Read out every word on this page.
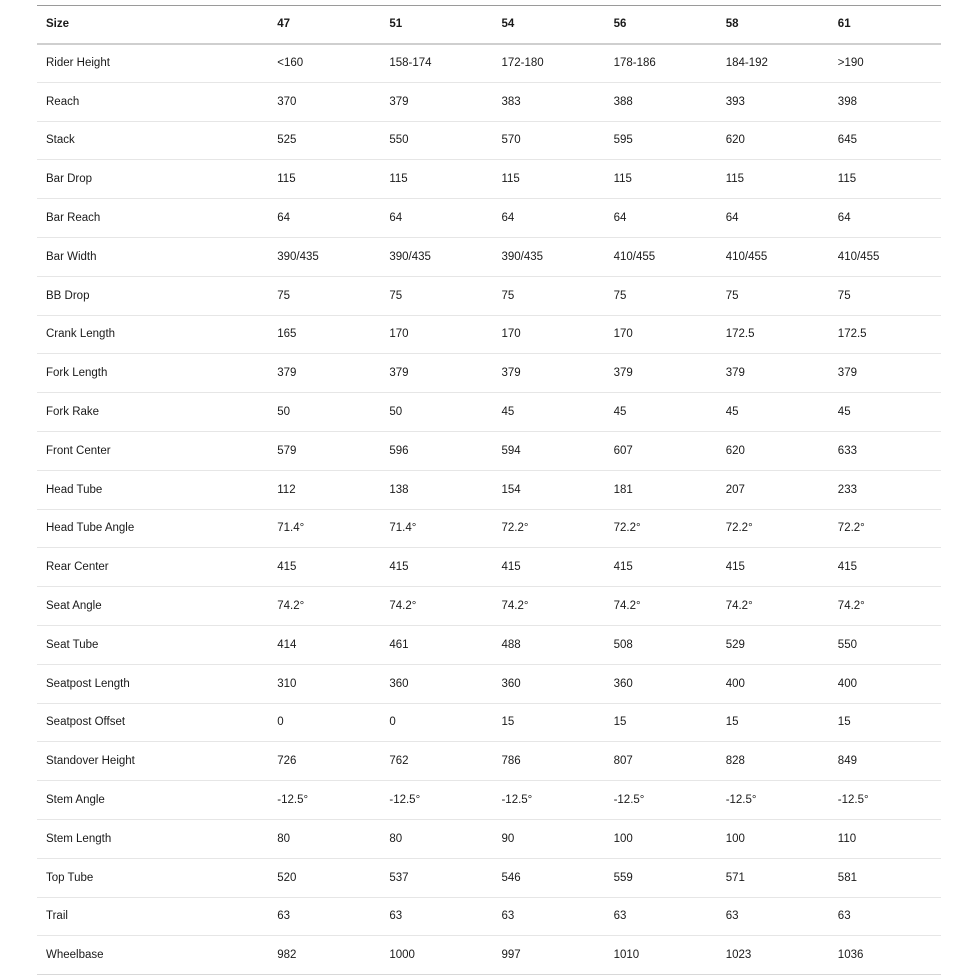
Size	47	51	54	56	58	61
Rider Height	<160	158-174	172-180	178-186	184-192	>190
Reach	370	379	383	388	393	398
Stack	525	550	570	595	620	645
Bar Drop	115	115	115	115	115	115
Bar Reach	64	64	64	64	64	64
Bar Width	390/435	390/435	390/435	410/455	410/455	410/455
BB Drop	75	75	75	75	75	75
Crank Length	165	170	170	170	172.5	172.5
Fork Length	379	379	379	379	379	379
Fork Rake	50	50	45	45	45	45
Front Center	579	596	594	607	620	633
Head Tube	112	138	154	181	207	233
Head Tube Angle	71.4°	71.4°	72.2°	72.2°	72.2°	72.2°
Rear Center	415	415	415	415	415	415
Seat Angle	74.2°	74.2°	74.2°	74.2°	74.2°	74.2°
Seat Tube	414	461	488	508	529	550
Seatpost Length	310	360	360	360	400	400
Seatpost Offset	0	0	15	15	15	15
Standover Height	726	762	786	807	828	849
Stem Angle	-12.5°	-12.5°	-12.5°	-12.5°	-12.5°	-12.5°
Stem Length	80	80	90	100	100	110
Top Tube	520	537	546	559	571	581
Trail	63	63	63	63	63	63
Wheelbase	982	1000	997	1010	1023	1036
